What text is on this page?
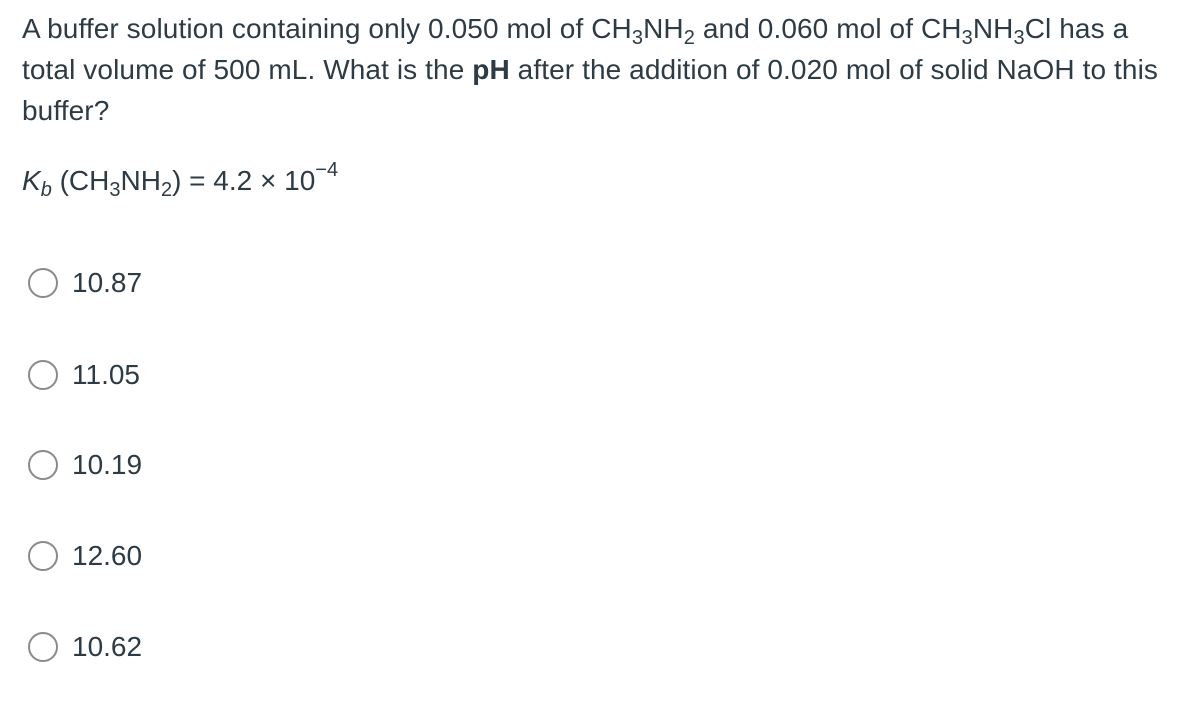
A buffer solution containing only 0.050 mol of $CH_3NH_2$ and 0.060 mol of $CH_3NH_3Cl$ has a total volume of 500 mL. What is the pH after the addition of 0.020 mol of solid NaOH to this buffer?
$K_b$ $(CH_3NH_2) = 4.2 \times 10^{-4}$
10.87
11.05
10.19
12.60
10.62
